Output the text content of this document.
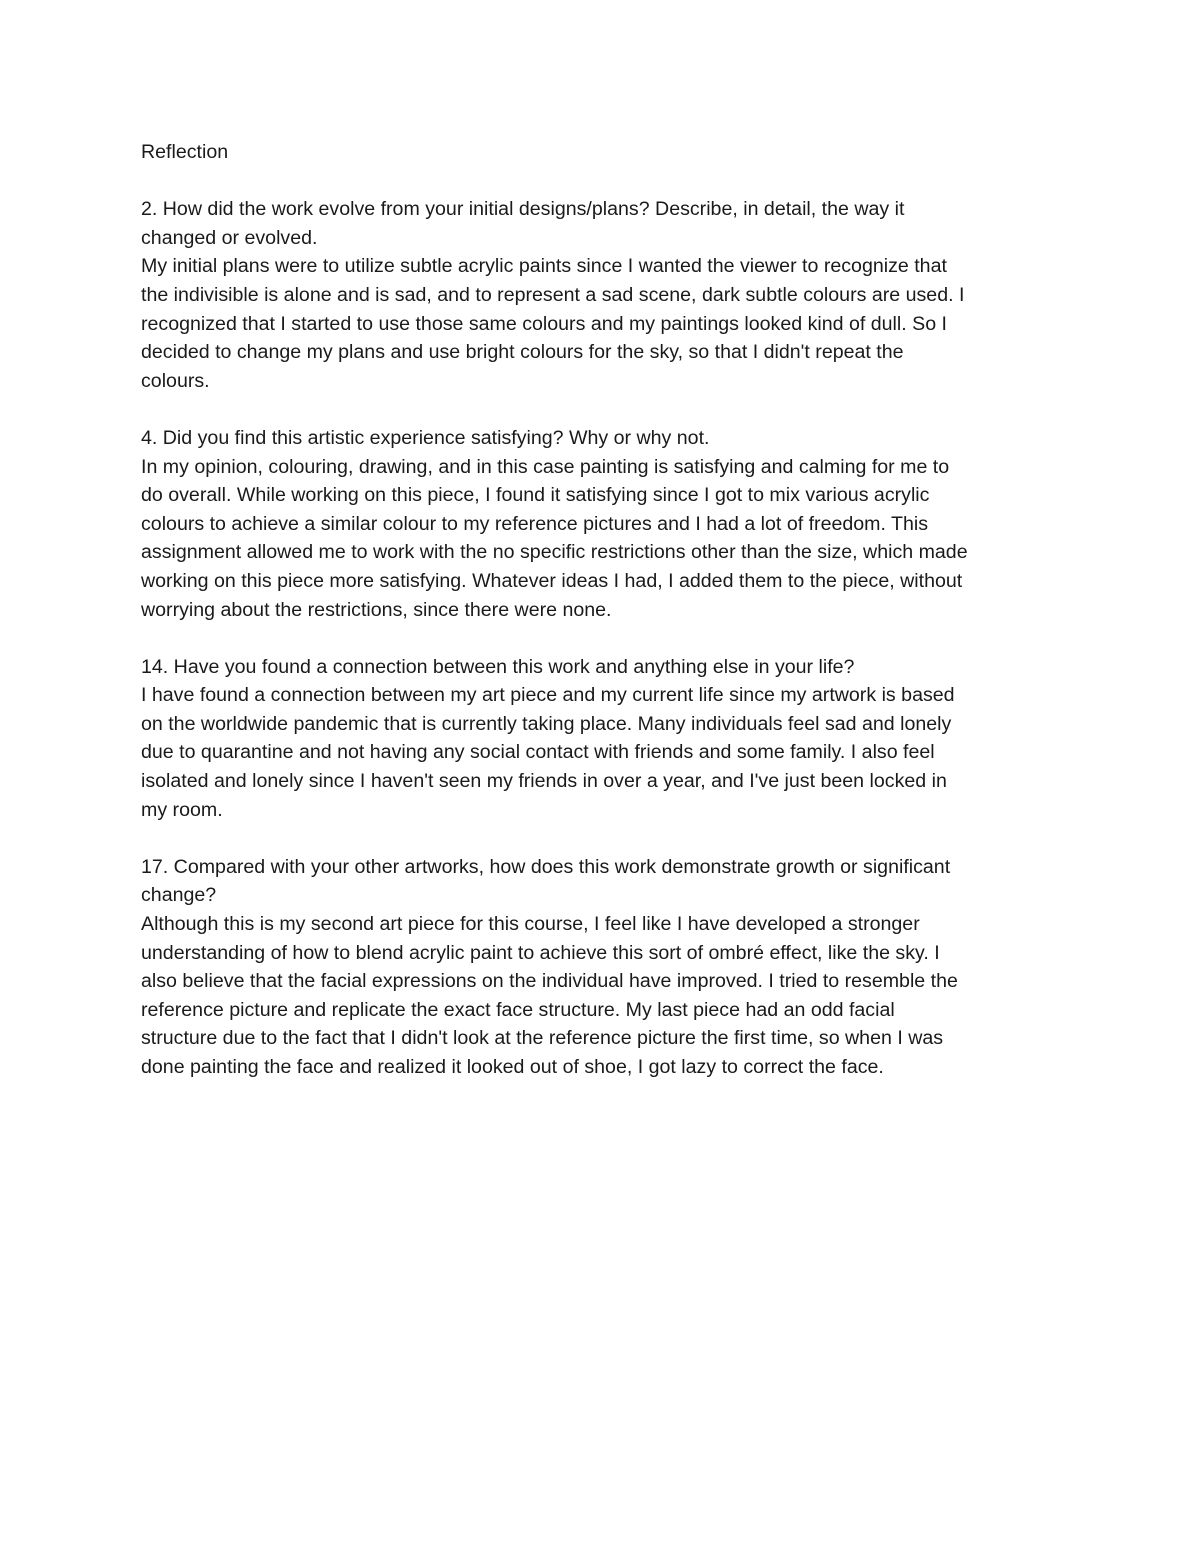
Reflection
2. How did the work evolve from your initial designs/plans? Describe, in detail, the way it
changed or evolved.
My initial plans were to utilize subtle acrylic paints since I wanted the viewer to recognize that
the indivisible is alone and is sad, and to represent a sad scene, dark subtle colours are used. I
recognized that I started to use those same colours and my paintings looked kind of dull. So I
decided to change my plans and use bright colours for the sky, so that I didn't repeat the
colours.
4. Did you find this artistic experience satisfying? Why or why not.
In my opinion, colouring, drawing, and in this case painting is satisfying and calming for me to
do overall. While working on this piece, I found it satisfying since I got to mix various acrylic
colours to achieve a similar colour to my reference pictures and I had a lot of freedom. This
assignment allowed me to work with the no specific restrictions other than the size, which made
working on this piece more satisfying. Whatever ideas I had, I added them to the piece, without
worrying about the restrictions, since there were none.
14. Have you found a connection between this work and anything else in your life?
I have found a connection between my art piece and my current life since my artwork is based
on the worldwide pandemic that is currently taking place. Many individuals feel sad and lonely
due to quarantine and not having any social contact with friends and some family. I also feel
isolated and lonely since I haven't seen my friends in over a year, and I've just been locked in
my room.
17. Compared with your other artworks, how does this work demonstrate growth or significant
change?
Although this is my second art piece for this course, I feel like I have developed a stronger
understanding of how to blend acrylic paint to achieve this sort of ombré effect, like the sky. I
also believe that the facial expressions on the individual have improved. I tried to resemble the
reference picture and replicate the exact face structure. My last piece had an odd facial
structure due to the fact that I didn't look at the reference picture the first time, so when I was
done painting the face and realized it looked out of shoe, I got lazy to correct the face.
